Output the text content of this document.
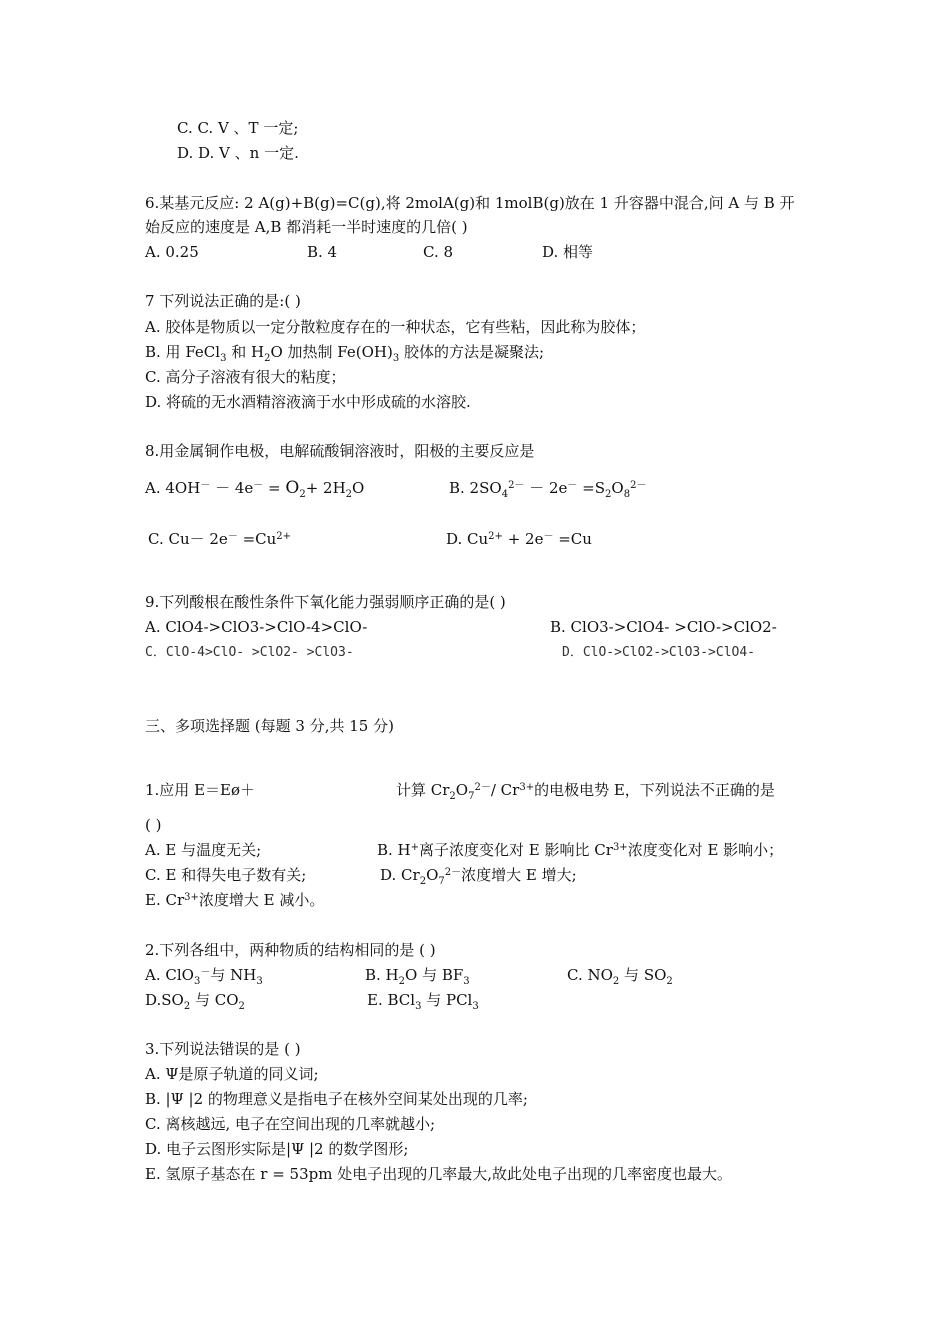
C. C. V 、T 一定;
D. D. V 、n 一定.
6.某基元反应: 2 A(g)+B(g)=C(g),将 2molA(g)和 1molB(g)放在 1 升容器中混合,问 A 与 B 开
始反应的速度是 A,B 都消耗一半时速度的几倍( )
A. 0.25	B. 4	C. 8	D. 相等
7 下列说法正确的是:( )
A. 胶体是物质以一定分散粒度存在的一种状态，它有些粘，因此称为胶体；
B. 用 FeCl$_3$ 和 $H_2O$ 加热制 $Fe(OH)_3$ 胶体的方法是凝聚法;
C. 高分子溶液有很大的粘度；
D. 将硫的无水酒精溶液滴于水中形成硫的水溶胶.
8.用金属铜作电极，电解硫酸铜溶液时，阳极的主要反应是
A. $4OH^- - 4e^- = O_2+ 2H_2O$	B. $2SO_4^{2-} - 2e^- =S_2O_8^{2-}$
C. $Cu- 2e^- =Cu^{2+}$	D. $Cu^{2+} + 2e^- =Cu$
9.下列酸根在酸性条件下氧化能力强弱顺序正确的是( )
A. ClO4->ClO3->ClO-4>ClO-	B. ClO3->ClO4- >ClO->ClO2-
C．ClO-4>ClO- >ClO2- >ClO3-	D．ClO->ClO2->ClO3->ClO4-
三、多项选择题 (每题 3 分,共 15 分)
1.应用 E＝Eø＋	计算 $Cr_2O_7^{2-}/$ $Cr^{3+}$的电极电势 E，下列说法不正确的是
( )
A. E 与温度无关;	B. H+离子浓度变化对 E 影响比 $Cr^{3+}$浓度变化对 E 影响小；
C. E 和得失电子数有关;	D. $Cr_2O_7^{2-}$浓度增大 E 增大;
E. $Cr^{3+}$浓度增大 E 减小。
2.下列各组中，两种物质的结构相同的是 ( )
A. ClO$_3$－与 $NH_3$	B. $H_2O$ 与 $BF_3$	C. $NO_2$ 与 $SO_2$
$D.SO_2$ 与 $CO_2$	E. BCl$_3$ 与 PCl$_3$
3.下列说法错误的是 ( )
A. Ψ是原子轨道的同义词;
B. |Ψ |2 的物理意义是指电子在核外空间某处出现的几率;
C. 离核越远, 电子在空间出现的几率就越小;
D. 电子云图形实际是|Ψ |2 的数学图形;
E. 氢原子基态在 r = 53pm 处电子出现的几率最大,故此处电子出现的几率密度也最大。
